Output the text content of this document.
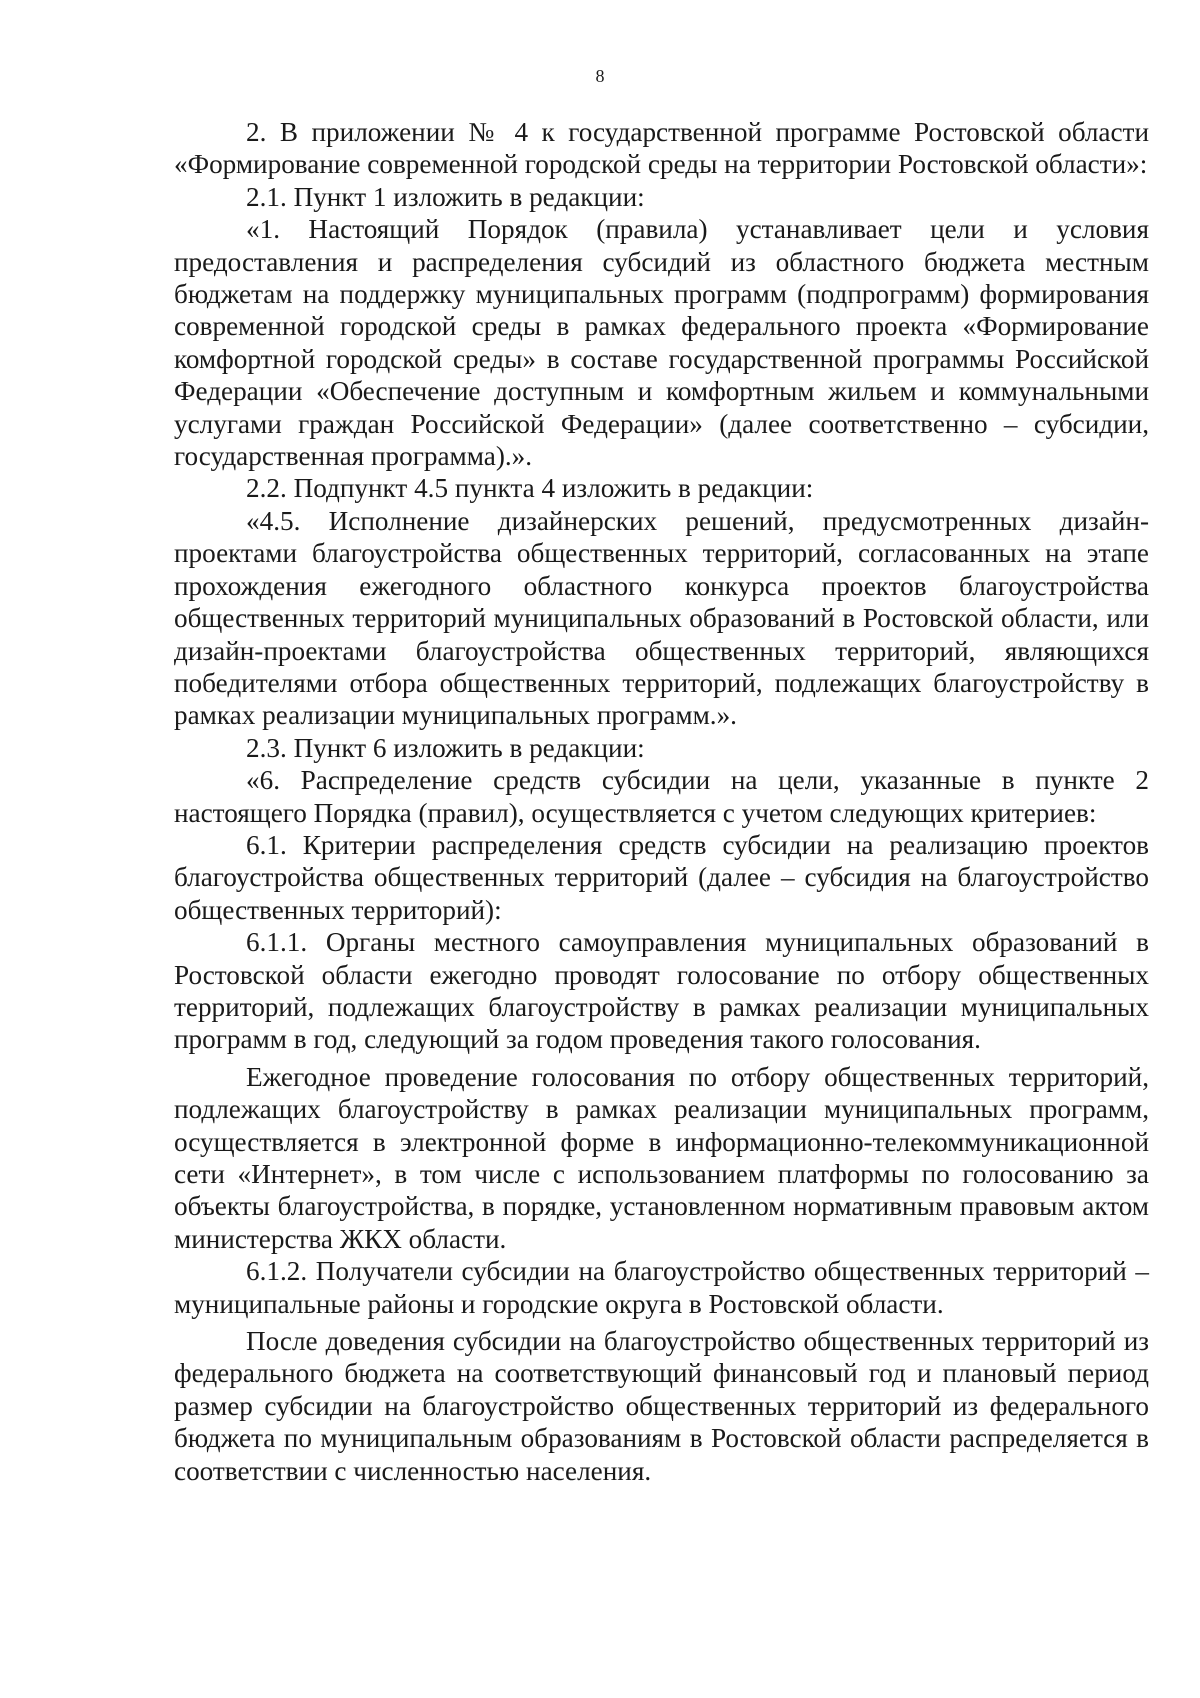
8

2. В приложении № 4 к государственной программе Ростовской области «Формирование современной городской среды на территории Ростовской области»:

2.1. Пункт 1 изложить в редакции:

«1. Настоящий Порядок (правила) устанавливает цели и условия предоставления и распределения субсидий из областного бюджета местным бюджетам на поддержку муниципальных программ (подпрограмм) формирования современной городской среды в рамках федерального проекта «Формирование комфортной городской среды» в составе государственной программы Российской Федерации «Обеспечение доступным и комфортным жильем и коммунальными услугами граждан Российской Федерации» (далее соответственно – субсидии, государственная программа).».

2.2. Подпункт 4.5 пункта 4 изложить в редакции:

«4.5. Исполнение дизайнерских решений, предусмотренных дизайн-проектами благоустройства общественных территорий, согласованных на этапе прохождения ежегодного областного конкурса проектов благоустройства общественных территорий муниципальных образований в Ростовской области, или дизайн-проектами благоустройства общественных территорий, являющихся победителями отбора общественных территорий, подлежащих благоустройству в рамках реализации муниципальных программ.».

2.3. Пункт 6 изложить в редакции:

«6. Распределение средств субсидии на цели, указанные в пункте 2 настоящего Порядка (правил), осуществляется с учетом следующих критериев:

6.1. Критерии распределения средств субсидии на реализацию проектов благоустройства общественных территорий (далее – субсидия на благоустройство общественных территорий):

6.1.1. Органы местного самоуправления муниципальных образований в Ростовской области ежегодно проводят голосование по отбору общественных территорий, подлежащих благоустройству в рамках реализации муниципальных программ в год, следующий за годом проведения такого голосования.

Ежегодное проведение голосования по отбору общественных территорий, подлежащих благоустройству в рамках реализации муниципальных программ, осуществляется в электронной форме в информационно-телекоммуникационной сети «Интернет», в том числе с использованием платформы по голосованию за объекты благоустройства, в порядке, установленном нормативным правовым актом министерства ЖКХ области.

6.1.2. Получатели субсидии на благоустройство общественных территорий – муниципальные районы и городские округа в Ростовской области.

После доведения субсидии на благоустройство общественных территорий из федерального бюджета на соответствующий финансовый год и плановый период размер субсидии на благоустройство общественных территорий из федерального бюджета по муниципальным образованиям в Ростовской области распределяется в соответствии с численностью населения.
